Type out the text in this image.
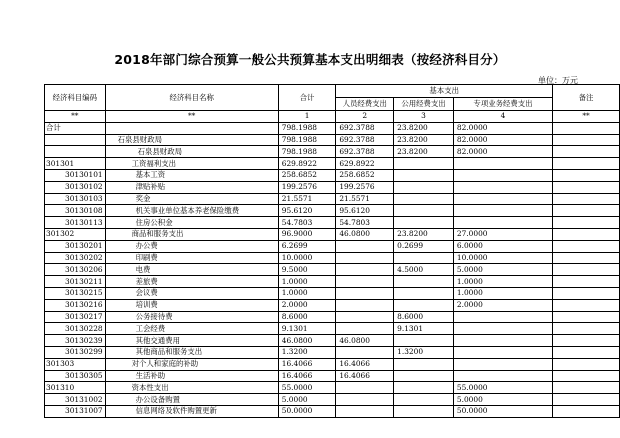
2018年部门综合预算一般公共预算基本支出明细表（按经济科目分）
单位：万元
经济科目编码	经济科目名称	合计	基本支出			备注
			人员经费支出	公用经费支出	专项业务经费支出	
**	**	1	2	3	4	**
合计		798.1988	692.3788	23.8200	82.0000	
	石泉县财政局	798.1988	692.3788	23.8200	82.0000	
	石泉县财政局	798.1988	692.3788	23.8200	82.0000	
301301	工资福利支出	629.8922	629.8922			
30130101	基本工资	258.6852	258.6852			
30130102	津贴补贴	199.2576	199.2576			
30130103	奖金	21.5571	21.5571			
30130108	机关事业单位基本养老保险缴费	95.6120	95.6120			
30130113	住房公积金	54.7803	54.7803			
301302	商品和服务支出	96.9000	46.0800	23.8200	27.0000	
30130201	办公费	6.2699		0.2699	6.0000	
30130202	印刷费	10.0000			10.0000	
30130206	电费	9.5000		4.5000	5.0000	
30130211	差旅费	1.0000			1.0000	
30130215	会议费	1.0000			1.0000	
30130216	培训费	2.0000			2.0000	
30130217	公务接待费	8.6000		8.6000		
30130228	工会经费	9.1301		9.1301		
30130239	其他交通费用	46.0800	46.0800			
30130299	其他商品和服务支出	1.3200		1.3200		
301303	对个人和家庭的补助	16.4066	16.4066			
30130305	生活补助	16.4066	16.4066			
301310	资本性支出	55.0000			55.0000	
30131002	办公设备购置	5.0000			5.0000	
30131007	信息网络及软件购置更新	50.0000			50.0000	
